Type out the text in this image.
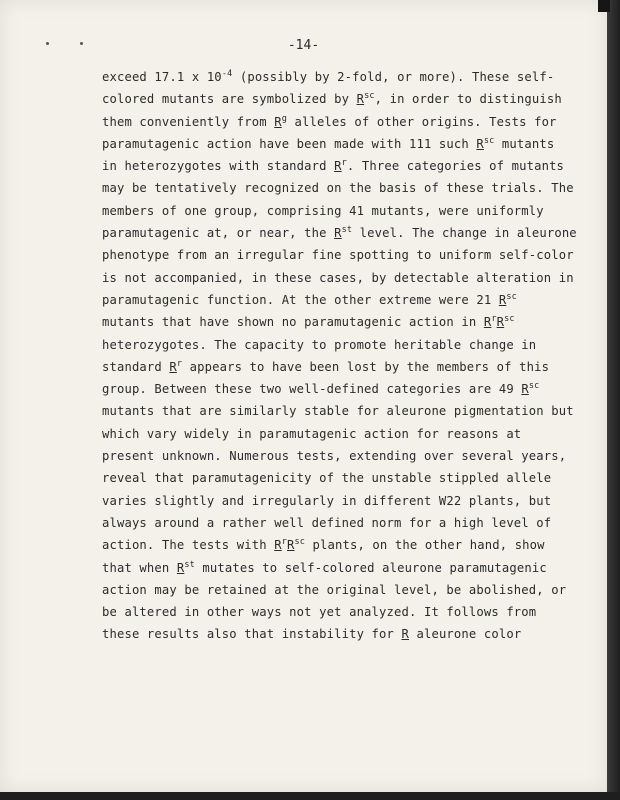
-14-
exceed 17.1 x $10^{-4}$ (possibly by 2-fold, or more). These self-
colored mutants are symbolized by $R^{sc}$, in order to distinguish
them conveniently from $R^g$ alleles of other origins. Tests for
paramutagenic action have been made with 111 such $R^{sc}$ mutants
in heterozygotes with standard $R^r$. Three categories of mutants
may be tentatively recognized on the basis of these trials. The
members of one group, comprising 41 mutants, were uniformly
paramutagenic at, or near, the $R^{st}$ level. The change in aleurone
phenotype from an irregular fine spotting to uniform self-color
is not accompanied, in these cases, by detectable alteration in
paramutagenic function. At the other extreme were 21 $R^{sc}$
mutants that have shown no paramutagenic action in $R^rR^{sc}$
heterozygotes. The capacity to promote heritable change in
standard $R^r$ appears to have been lost by the members of this
group. Between these two well-defined categories are 49 $R^{sc}$
mutants that are similarly stable for aleurone pigmentation but
which vary widely in paramutagenic action for reasons at
present unknown. Numerous tests, extending over several years,
reveal that paramutagenicity of the unstable stippled allele
varies slightly and irregularly in different W22 plants, but
always around a rather well defined norm for a high level of
action. The tests with $R^rR^{sc}$ plants, on the other hand, show
that when $R^{st}$ mutates to self-colored aleurone paramutagenic
action may be retained at the original level, be abolished, or
be altered in other ways not yet analyzed. It follows from
these results also that instability for R aleurone color
